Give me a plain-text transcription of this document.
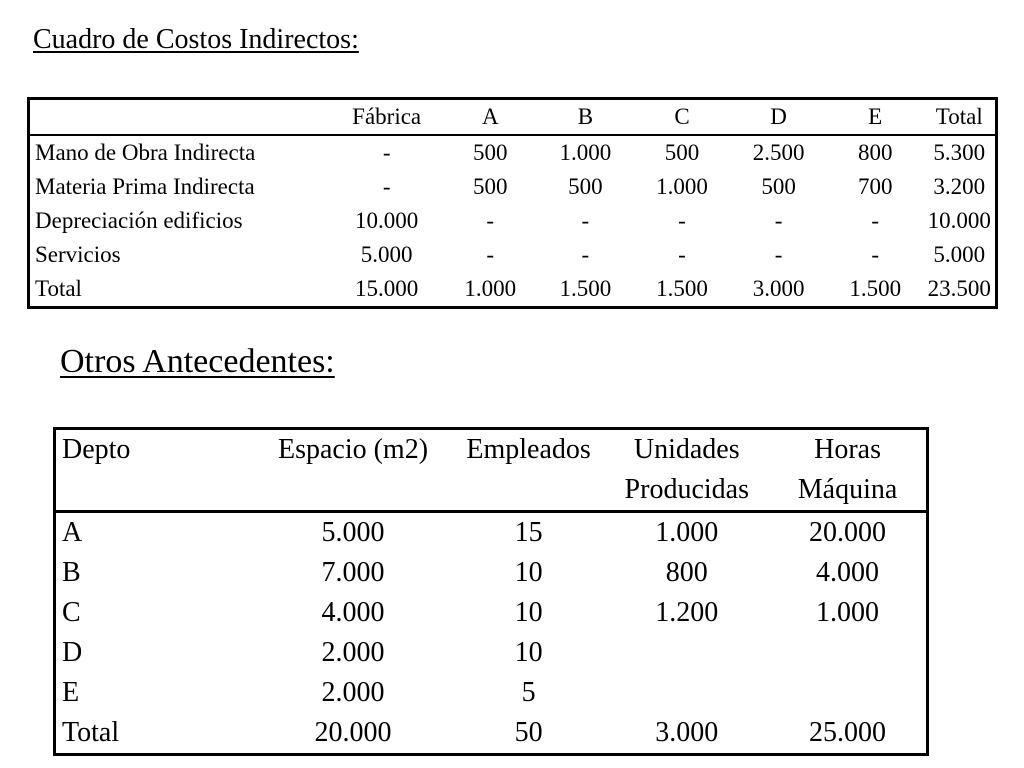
Cuadro de Costos Indirectos:
	Fábrica	A	B	C	D	E	Total
Mano de Obra Indirecta	-	500	1.000	500	2.500	800	5.300
Materia Prima Indirecta	-	500	500	1.000	500	700	3.200
Depreciación edificios	10.000	-	-	-	-	-	10.000
Servicios	5.000	-	-	-	-	-	5.000
Total	15.000	1.000	1.500	1.500	3.000	1.500	23.500
Otros Antecedentes:
Depto	Espacio (m2)	Empleados	Unidades	Horas
			Producidas	Máquina
A	5.000	15	1.000	20.000
B	7.000	10	800	4.000
C	4.000	10	1.200	1.000
D	2.000	10		
E	2.000	5		
Total	20.000	50	3.000	25.000
